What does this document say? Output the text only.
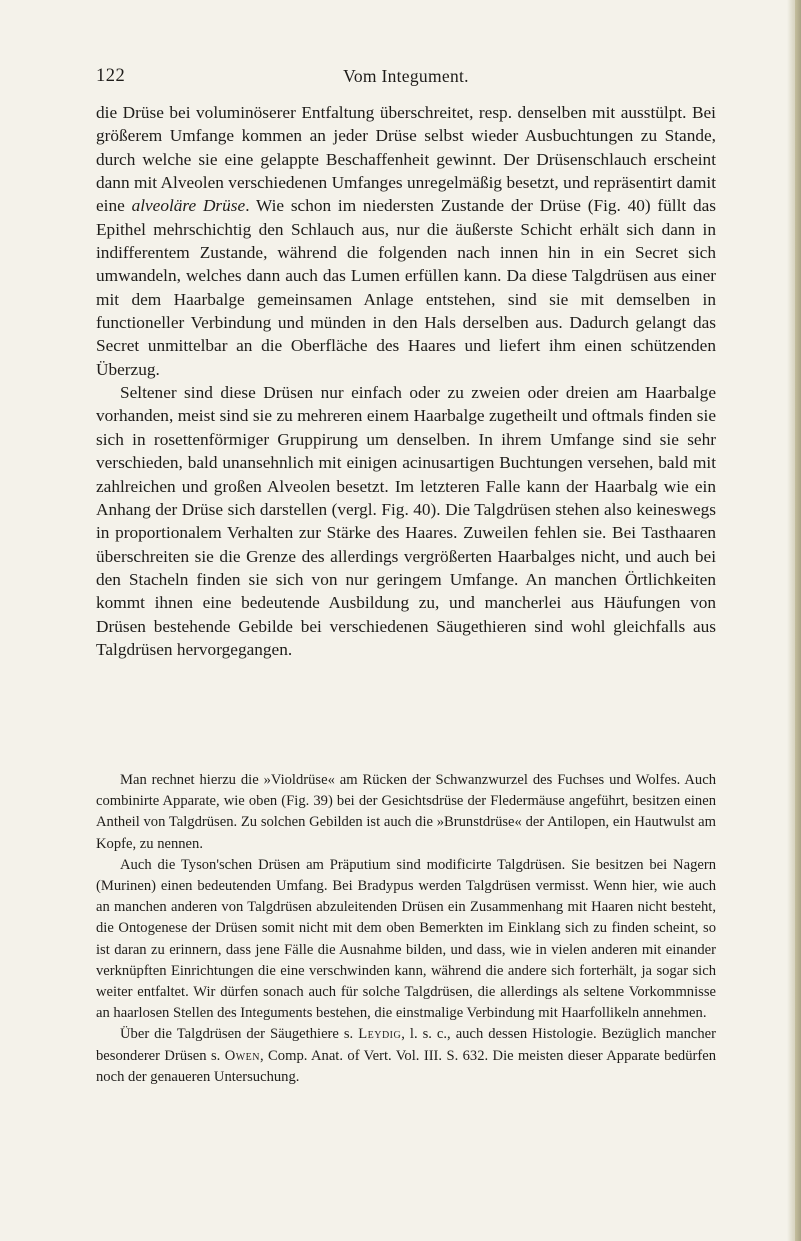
122	Vom Integument.

die Drüse bei voluminöserer Entfaltung überschreitet, resp. denselben mit ausstülpt. Bei größerem Umfange kommen an jeder Drüse selbst wieder Ausbuchtungen zu Stande, durch welche sie eine gelappte Beschaffenheit gewinnt. Der Drüsenschlauch erscheint dann mit Alveolen verschiedenen Umfanges unregelmäßig besetzt, und repräsentirt damit eine alveoläre Drüse. Wie schon im niedersten Zustande der Drüse (Fig. 40) füllt das Epithel mehrschichtig den Schlauch aus, nur die äußerste Schicht erhält sich dann in indifferentem Zustande, während die folgenden nach innen hin in ein Secret sich umwandeln, welches dann auch das Lumen erfüllen kann. Da diese Talgdrüsen aus einer mit dem Haarbalge gemeinsamen Anlage entstehen, sind sie mit demselben in functioneller Verbindung und münden in den Hals derselben aus. Dadurch gelangt das Secret unmittelbar an die Oberfläche des Haares und liefert ihm einen schützenden Überzug.

Seltener sind diese Drüsen nur einfach oder zu zweien oder dreien am Haarbalge vorhanden, meist sind sie zu mehreren einem Haarbalge zugetheilt und oftmals finden sie sich in rosettenförmiger Gruppirung um denselben. In ihrem Umfange sind sie sehr verschieden, bald unansehnlich mit einigen acinusartigen Buchtungen versehen, bald mit zahlreichen und großen Alveolen besetzt. Im letzteren Falle kann der Haarbalg wie ein Anhang der Drüse sich darstellen (vergl. Fig. 40). Die Talgdrüsen stehen also keineswegs in proportionalem Verhalten zur Stärke des Haares. Zuweilen fehlen sie. Bei Tasthaaren überschreiten sie die Grenze des allerdings vergrößerten Haarbalges nicht, und auch bei den Stacheln finden sie sich von nur geringem Umfange. An manchen Örtlichkeiten kommt ihnen eine bedeutende Ausbildung zu, und mancherlei aus Häufungen von Drüsen bestehende Gebilde bei verschiedenen Säugethieren sind wohl gleichfalls aus Talgdrüsen hervorgegangen.

Man rechnet hierzu die »Violdrüse« am Rücken der Schwanzwurzel des Fuchses und Wolfes. Auch combinirte Apparate, wie oben (Fig. 39) bei der Gesichtsdrüse der Fledermäuse angeführt, besitzen einen Antheil von Talgdrüsen. Zu solchen Gebilden ist auch die »Brunstdrüse« der Antilopen, ein Hautwulst am Kopfe, zu nennen.

Auch die Tyson'schen Drüsen am Präputium sind modificirte Talgdrüsen. Sie besitzen bei Nagern (Murinen) einen bedeutenden Umfang. Bei Bradypus werden Talgdrüsen vermisst. Wenn hier, wie auch an manchen anderen von Talgdrüsen abzuleitenden Drüsen ein Zusammenhang mit Haaren nicht besteht, die Ontogenese der Drüsen somit nicht mit dem oben Bemerkten im Einklang sich zu finden scheint, so ist daran zu erinnern, dass jene Fälle die Ausnahme bilden, und dass, wie in vielen anderen mit einander verknüpften Einrichtungen die eine verschwinden kann, während die andere sich forterhält, ja sogar sich weiter entfaltet. Wir dürfen sonach auch für solche Talgdrüsen, die allerdings als seltene Vorkommnisse an haarlosen Stellen des Integuments bestehen, die einstmalige Verbindung mit Haarfollikeln annehmen.

Über die Talgdrüsen der Säugethiere s. Leydig, l. s. c., auch dessen Histologie. Bezüglich mancher besonderer Drüsen s. Owen, Comp. Anat. of Vert. Vol. III. S. 632. Die meisten dieser Apparate bedürfen noch der genaueren Untersuchung.
